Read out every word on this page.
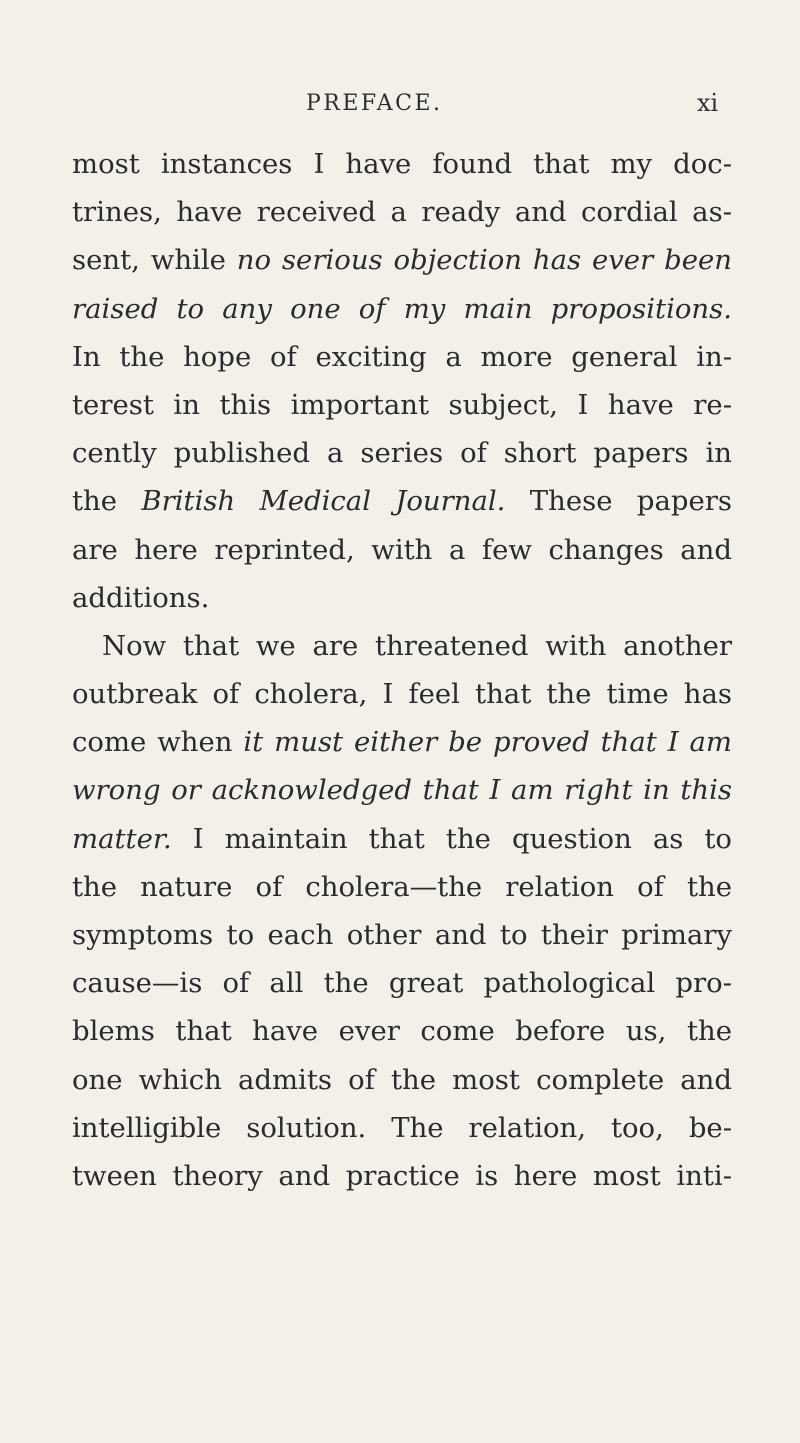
PREFACE.	xi
most instances I have found that my doc-
trines, have received a ready and cordial as-
sent, while no serious objection has ever been
raised to any one of my main propositions.
In the hope of exciting a more general in-
terest in this important subject, I have re-
cently published a series of short papers in
the British Medical Journal. These papers
are here reprinted, with a few changes and
additions.
Now that we are threatened with another
outbreak of cholera, I feel that the time has
come when it must either be proved that I am
wrong or acknowledged that I am right in this
matter. I maintain that the question as to
the nature of cholera—the relation of the
symptoms to each other and to their primary
cause—is of all the great pathological pro-
blems that have ever come before us, the
one which admits of the most complete and
intelligible solution. The relation, too, be-
tween theory and practice is here most inti-
